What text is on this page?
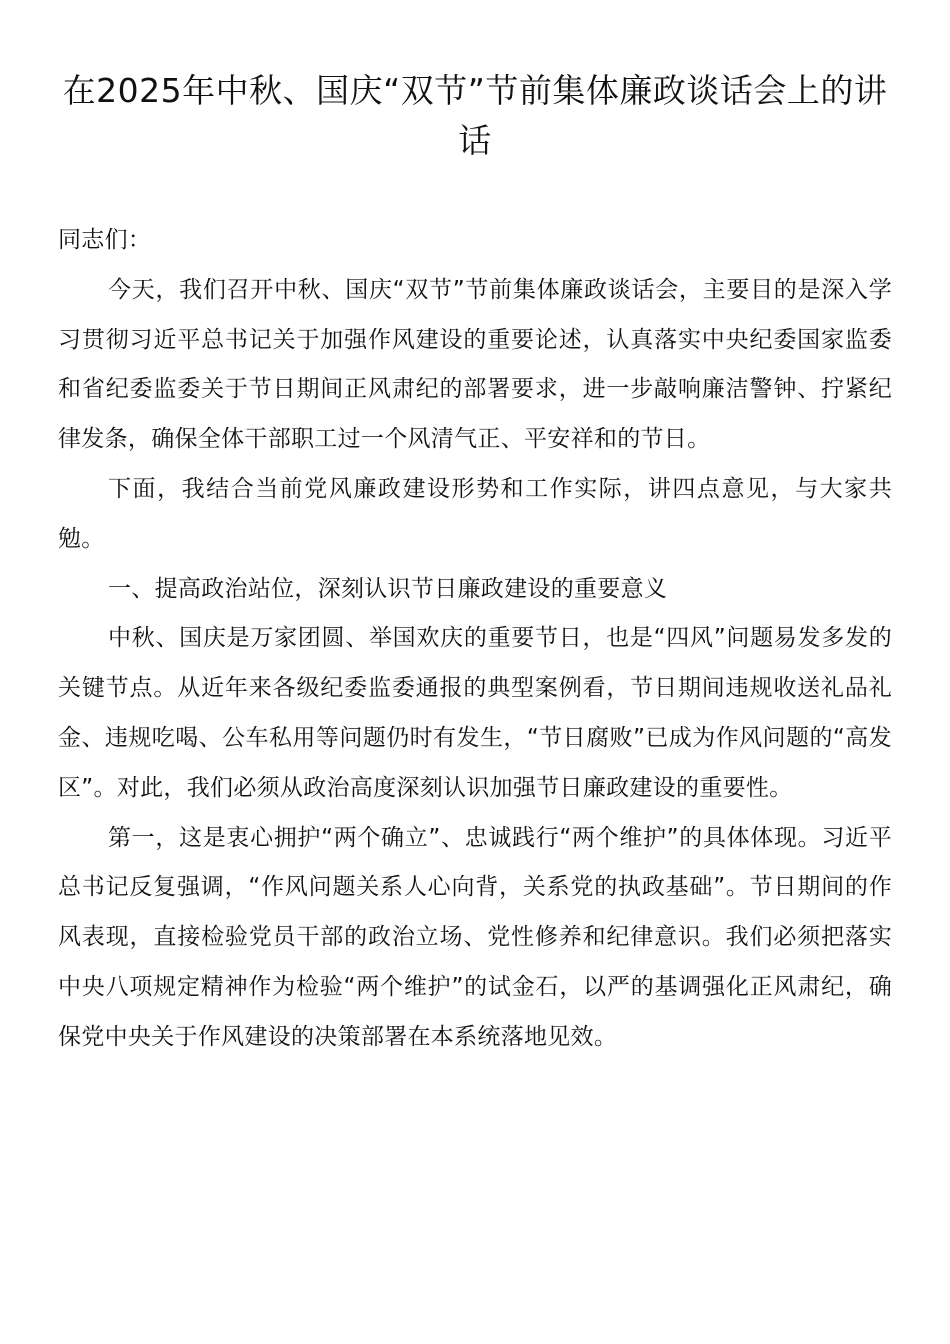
在2025年中秋、国庆“双节”节前集体廉政谈话会上的讲话

同志们：

今天，我们召开中秋、国庆“双节”节前集体廉政谈话会，主要目的是深入学习贯彻习近平总书记关于加强作风建设的重要论述，认真落实中央纪委国家监委和省纪委监委关于节日期间正风肃纪的部署要求，进一步敲响廉洁警钟、拧紧纪律发条，确保全体干部职工过一个风清气正、平安祥和的节日。

下面，我结合当前党风廉政建设形势和工作实际，讲四点意见，与大家共勉。

一、提高政治站位，深刻认识节日廉政建设的重要意义

中秋、国庆是万家团圆、举国欢庆的重要节日，也是“四风”问题易发多发的关键节点。从近年来各级纪委监委通报的典型案例看，节日期间违规收送礼品礼金、违规吃喝、公车私用等问题仍时有发生，“节日腐败”已成为作风问题的“高发区”。对此，我们必须从政治高度深刻认识加强节日廉政建设的重要性。

第一，这是衷心拥护“两个确立”、忠诚践行“两个维护”的具体体现。习近平总书记反复强调，“作风问题关系人心向背，关系党的执政基础”。节日期间的作风表现，直接检验党员干部的政治立场、党性修养和纪律意识。我们必须把落实中央八项规定精神作为检验“两个维护”的试金石，以严的基调强化正风肃纪，确保党中央关于作风建设的决策部署在本系统落地见效。
